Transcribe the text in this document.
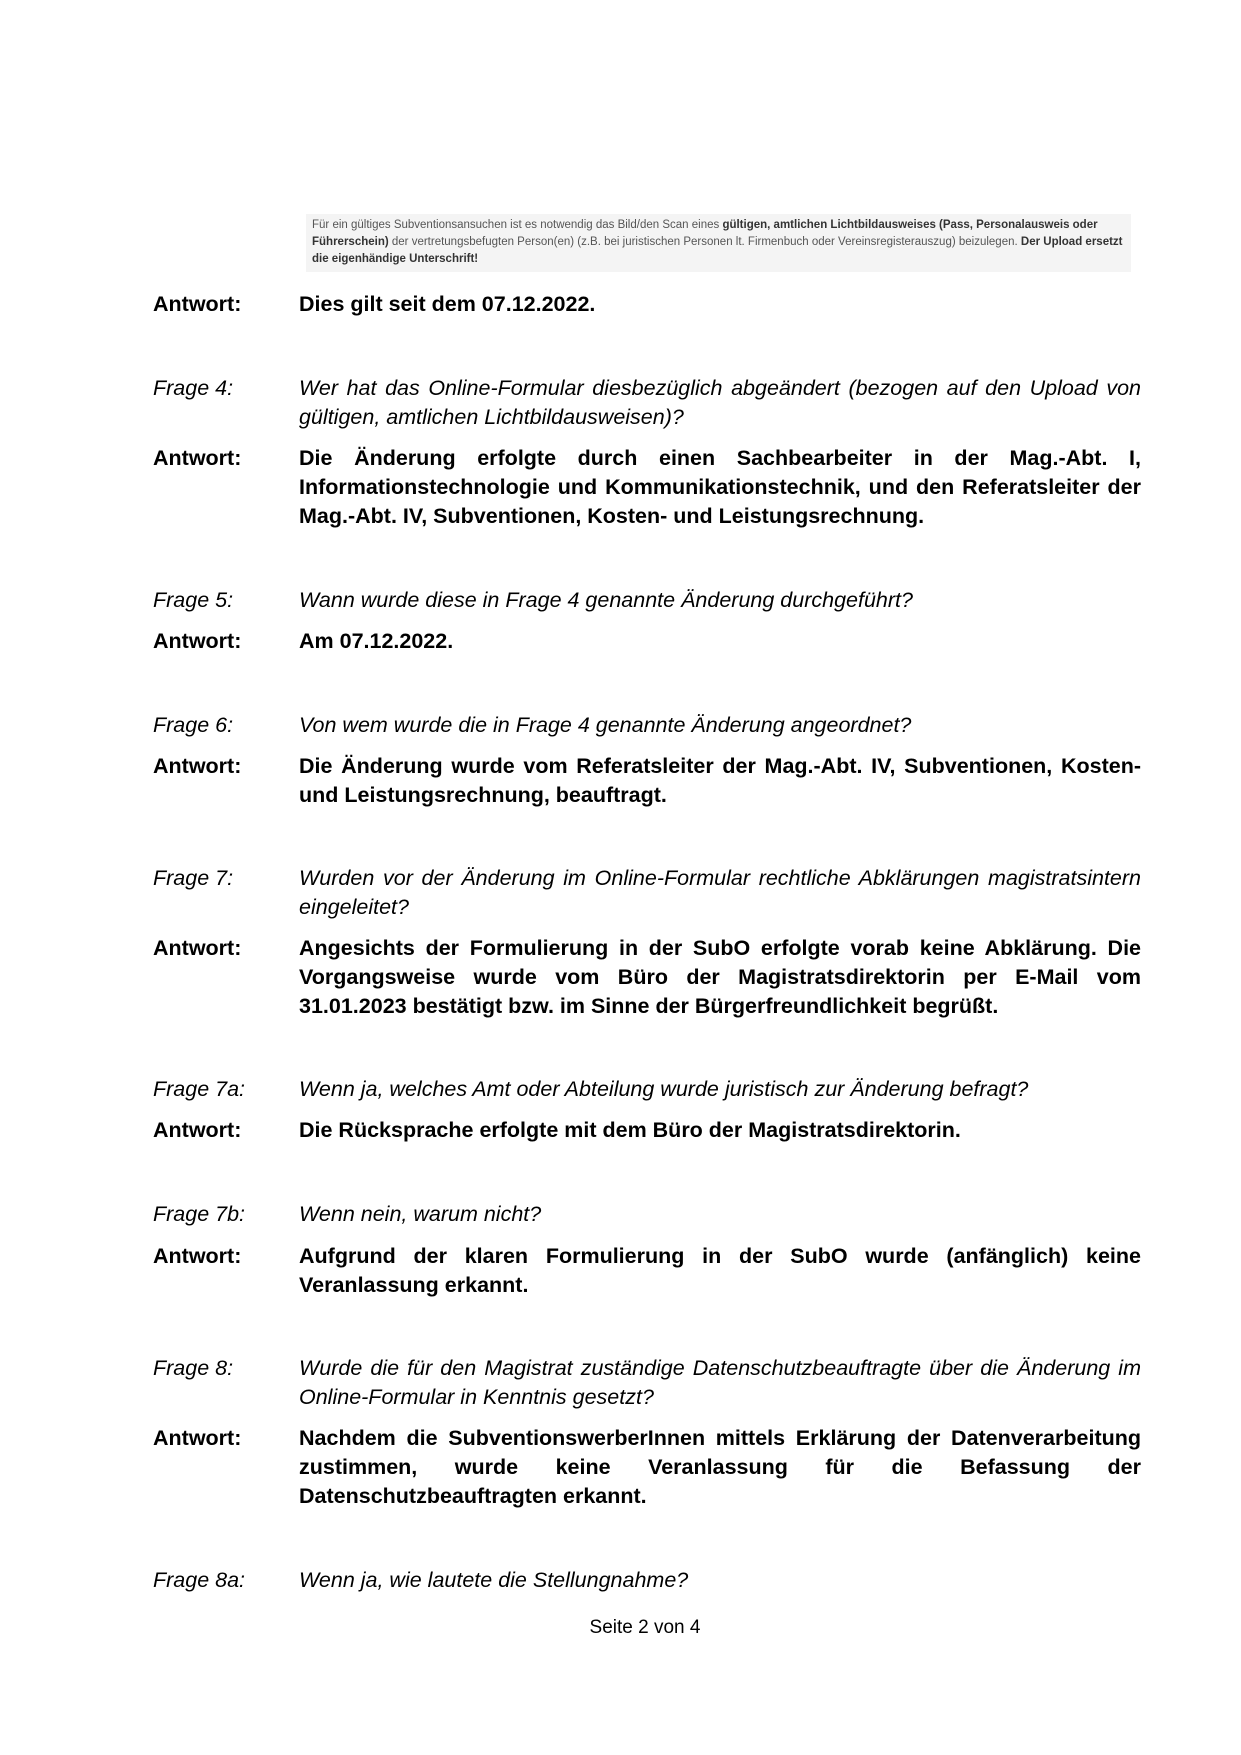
Für ein gültiges Subventionsansuchen ist es notwendig das Bild/den Scan eines gültigen, amtlichen Lichtbildausweises (Pass, Personalausweis oder Führerschein) der vertretungsbefugten Person(en) (z.B. bei juristischen Personen lt. Firmenbuch oder Vereinsregisterauszug) beizulegen. Der Upload ersetzt die eigenhändige Unterschrift!
Antwort:	Dies gilt seit dem 07.12.2022.
Frage 4:	Wer hat das Online-Formular diesbezüglich abgeändert (bezogen auf den Upload von gültigen, amtlichen Lichtbildausweisen)?
Antwort:	Die Änderung erfolgte durch einen Sachbearbeiter in der Mag.-Abt. I, Informationstechnologie und Kommunikationstechnik, und den Referatsleiter der Mag.-Abt. IV, Subventionen, Kosten- und Leistungsrechnung.
Frage 5:	Wann wurde diese in Frage 4 genannte Änderung durchgeführt?
Antwort:	Am 07.12.2022.
Frage 6:	Von wem wurde die in Frage 4 genannte Änderung angeordnet?
Antwort:	Die Änderung wurde vom Referatsleiter der Mag.-Abt. IV, Subventionen, Kosten- und Leistungsrechnung, beauftragt.
Frage 7:	Wurden vor der Änderung im Online-Formular rechtliche Abklärungen magistratsintern eingeleitet?
Antwort:	Angesichts der Formulierung in der SubO erfolgte vorab keine Abklärung. Die Vorgangsweise wurde vom Büro der Magistratsdirektorin per E-Mail vom 31.01.2023 bestätigt bzw. im Sinne der Bürgerfreundlichkeit begrüßt.
Frage 7a:	Wenn ja, welches Amt oder Abteilung wurde juristisch zur Änderung befragt?
Antwort:	Die Rücksprache erfolgte mit dem Büro der Magistratsdirektorin.
Frage 7b:	Wenn nein, warum nicht?
Antwort:	Aufgrund der klaren Formulierung in der SubO wurde (anfänglich) keine Veranlassung erkannt.
Frage 8:	Wurde die für den Magistrat zuständige Datenschutzbeauftragte über die Änderung im Online-Formular in Kenntnis gesetzt?
Antwort:	Nachdem die SubventionswerberInnen mittels Erklärung der Datenverarbeitung zustimmen, wurde keine Veranlassung für die Befassung der Datenschutzbeauftragten erkannt.
Frage 8a:	Wenn ja, wie lautete die Stellungnahme?
Seite 2 von 4
